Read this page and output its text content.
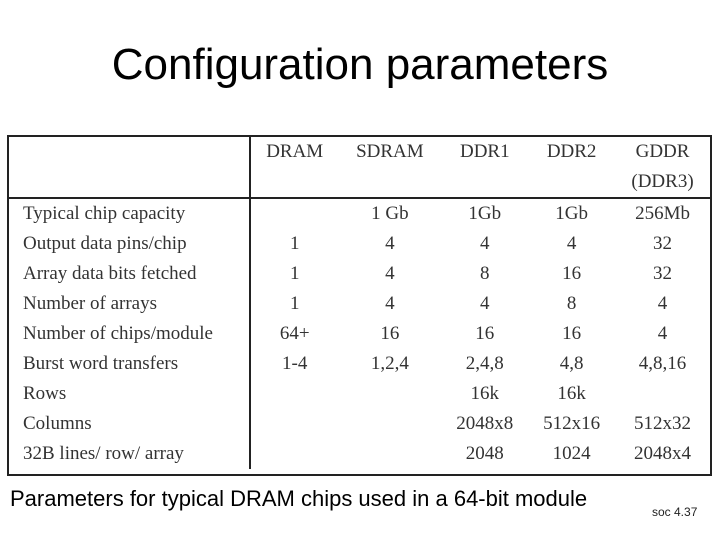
Configuration parameters
	DRAM	SDRAM	DDR1	DDR2	GDDR
					(DDR3)
Typical chip capacity		1 Gb	1Gb	1Gb	256Mb
Output data pins/chip	1	4	4	4	32
Array data bits fetched	1	4	8	16	32
Number of arrays	1	4	4	8	4
Number of chips/module	64+	16	16	16	4
Burst word transfers	1-4	1,2,4	2,4,8	4,8	4,8,16
Rows			16k	16k	
Columns			2048x8	512x16	512x32
32B lines/ row/ array			2048	1024	2048x4
Parameters for typical DRAM chips used in a 64-bit module
soc 4.37
